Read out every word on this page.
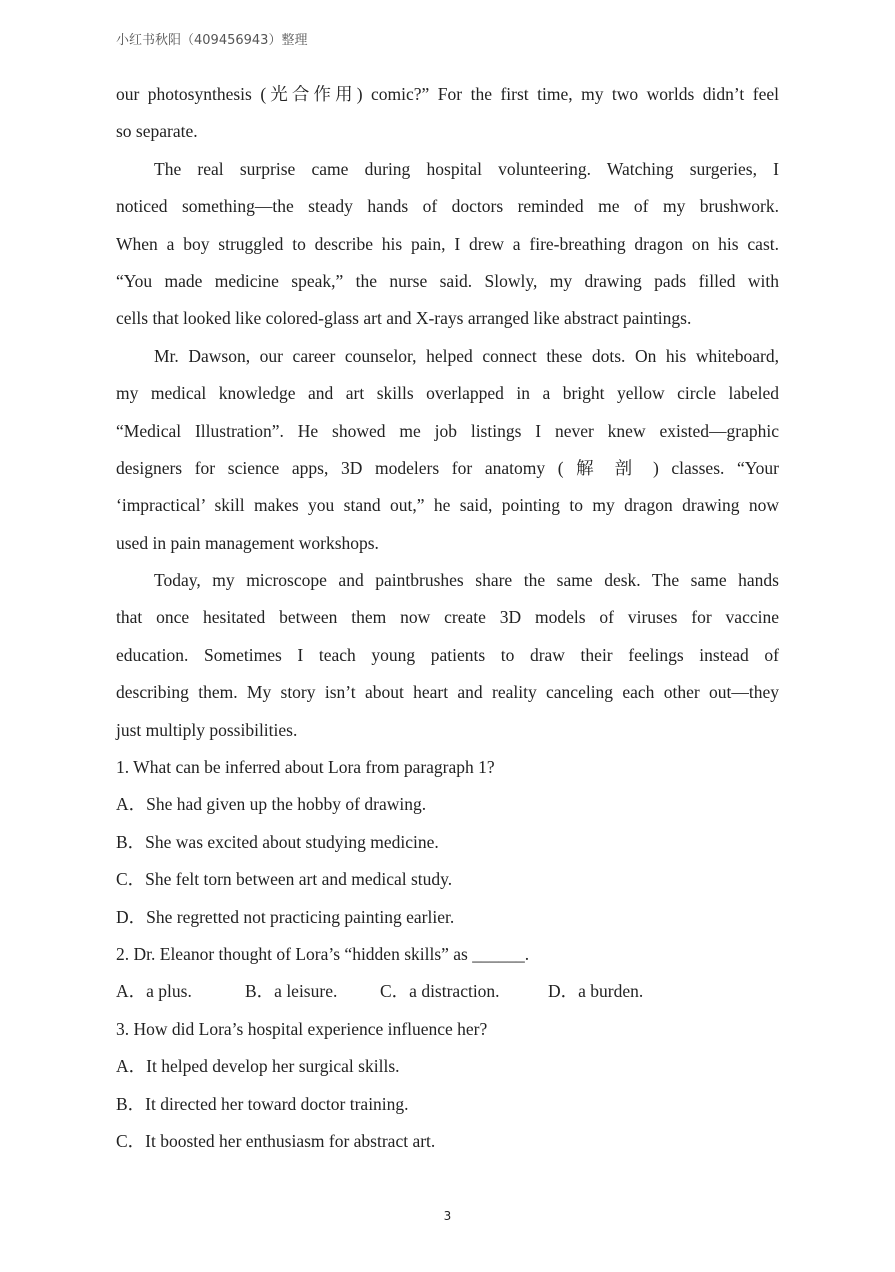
小红书秋阳（409456943）整理
our photosynthesis (光合作用) comic?” For the first time, my two worlds didn’t feel
so separate.
The real surprise came during hospital volunteering. Watching surgeries, I
noticed something—the steady hands of doctors reminded me of my brushwork.
When a boy struggled to describe his pain, I drew a fire-breathing dragon on his cast.
“You made medicine speak,” the nurse said. Slowly, my drawing pads filled with
cells that looked like colored-glass art and X-rays arranged like abstract paintings.
Mr. Dawson, our career counselor, helped connect these dots. On his whiteboard,
my medical knowledge and art skills overlapped in a bright yellow circle labeled
“Medical Illustration”. He showed me job listings I never knew existed—graphic
designers for science apps, 3D modelers for anatomy ( 解 剖 ) classes. “Your
‘impractical’ skill makes you stand out,” he said, pointing to my dragon drawing now
used in pain management workshops.
Today, my microscope and paintbrushes share the same desk. The same hands
that once hesitated between them now create 3D models of viruses for vaccine
education. Sometimes I teach young patients to draw their feelings instead of
describing them. My story isn’t about heart and reality canceling each other out—they
just multiply possibilities.
1. What can be inferred about Lora from paragraph 1?
A．She had given up the hobby of drawing.
B．She was excited about studying medicine.
C．She felt torn between art and medical study.
D．She regretted not practicing painting earlier.
2. Dr. Eleanor thought of Lora’s “hidden skills” as ______.
A．a plus.	B．a leisure.	C．a distraction.	D．a burden.
3. How did Lora’s hospital experience influence her?
A．It helped develop her surgical skills.
B．It directed her toward doctor training.
C．It boosted her enthusiasm for abstract art.
3
